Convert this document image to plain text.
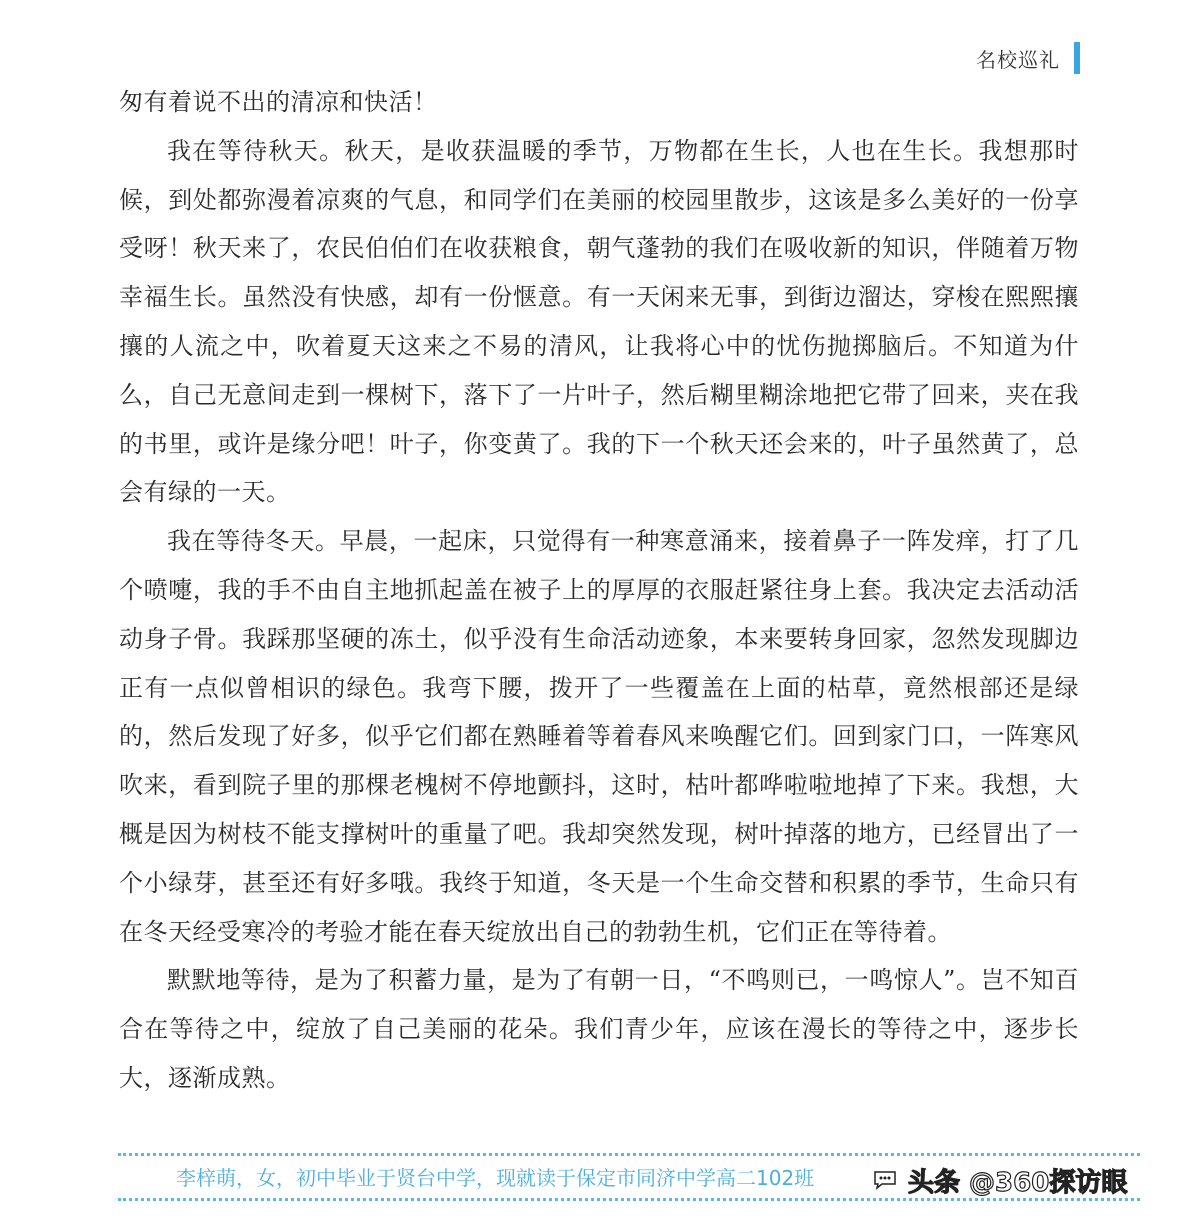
名校巡礼

匆有着说不出的清凉和快活！

我在等待秋天。秋天，是收获温暖的季节，万物都在生长，人也在生长。我想那时候，到处都弥漫着凉爽的气息，和同学们在美丽的校园里散步，这该是多么美好的一份享受呀！秋天来了，农民伯伯们在收获粮食，朝气蓬勃的我们在吸收新的知识，伴随着万物幸福生长。虽然没有快感，却有一份惬意。有一天闲来无事，到街边溜达，穿梭在熙熙攘攘的人流之中，吹着夏天这来之不易的清风，让我将心中的忧伤抛掷脑后。不知道为什么，自己无意间走到一棵树下，落下了一片叶子，然后糊里糊涂地把它带了回来，夹在我的书里，或许是缘分吧！叶子，你变黄了。我的下一个秋天还会来的，叶子虽然黄了，总会有绿的一天。

我在等待冬天。早晨，一起床，只觉得有一种寒意涌来，接着鼻子一阵发痒，打了几个喷嚏，我的手不由自主地抓起盖在被子上的厚厚的衣服赶紧往身上套。我决定去活动活动身子骨。我踩那坚硬的冻土，似乎没有生命活动迹象，本来要转身回家，忽然发现脚边正有一点似曾相识的绿色。我弯下腰，拨开了一些覆盖在上面的枯草，竟然根部还是绿的，然后发现了好多，似乎它们都在熟睡着等着春风来唤醒它们。回到家门口，一阵寒风吹来，看到院子里的那棵老槐树不停地颤抖，这时，枯叶都哗啦啦地掉了下来。我想，大概是因为树枝不能支撑树叶的重量了吧。我却突然发现，树叶掉落的地方，已经冒出了一个小绿芽，甚至还有好多哦。我终于知道，冬天是一个生命交替和积累的季节，生命只有在冬天经受寒冷的考验才能在春天绽放出自己的勃勃生机，它们正在等待着。

默默地等待，是为了积蓄力量，是为了有朝一日，“不鸣则已，一鸣惊人”。岂不知百合在等待之中，绽放了自己美丽的花朵。我们青少年，应该在漫长的等待之中，逐步长大，逐渐成熟。

李梓萌，女，初中毕业于贤台中学，现就读于保定市同济中学高二102班	头条 @360探访眼
